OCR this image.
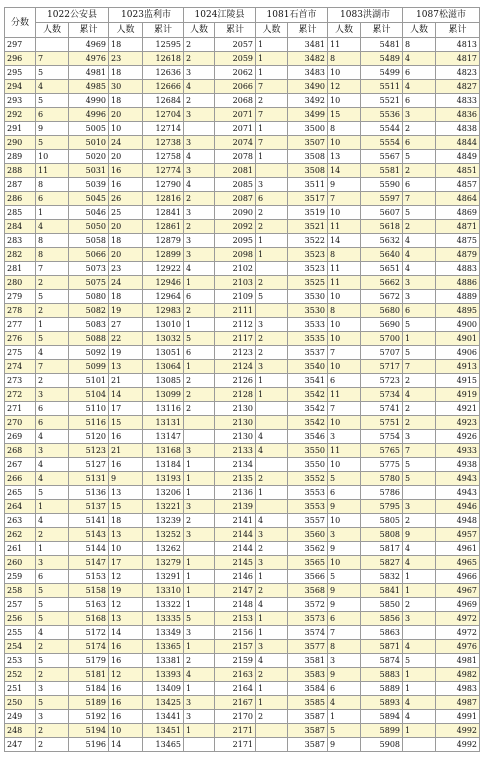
分数	1022公安县		1023监利市		1024江陵县		1081石首市		1083洪湖市		1087松滋市	
	人数	累计	人数	累计	人数	累计	人数	累计	人数	累计	人数	累计
297		4969	18	12595	2	2057	1	3481	11	5481	8	4813
296	7	4976	23	12618	2	2059	1	3482	8	5489	4	4817
295	5	4981	18	12636	3	2062	1	3483	10	5499	6	4823
294	4	4985	30	12666	4	2066	7	3490	12	5511	4	4827
293	5	4990	18	12684	2	2068	2	3492	10	5521	6	4833
292	6	4996	20	12704	3	2071	7	3499	15	5536	3	4836
291	9	5005	10	12714		2071	1	3500	8	5544	2	4838
290	5	5010	24	12738	3	2074	7	3507	10	5554	6	4844
289	10	5020	20	12758	4	2078	1	3508	13	5567	5	4849
288	11	5031	16	12774	3	2081		3508	14	5581	2	4851
287	8	5039	16	12790	4	2085	3	3511	9	5590	6	4857
286	6	5045	26	12816	2	2087	6	3517	7	5597	7	4864
285	1	5046	25	12841	3	2090	2	3519	10	5607	5	4869
284	4	5050	20	12861	2	2092	2	3521	11	5618	2	4871
283	8	5058	18	12879	3	2095	1	3522	14	5632	4	4875
282	8	5066	20	12899	3	2098	1	3523	8	5640	4	4879
281	7	5073	23	12922	4	2102		3523	11	5651	4	4883
280	2	5075	24	12946	1	2103	2	3525	11	5662	3	4886
279	5	5080	18	12964	6	2109	5	3530	10	5672	3	4889
278	2	5082	19	12983	2	2111		3530	8	5680	6	4895
277	1	5083	27	13010	1	2112	3	3533	10	5690	5	4900
276	5	5088	22	13032	5	2117	2	3535	10	5700	1	4901
275	4	5092	19	13051	6	2123	2	3537	7	5707	5	4906
274	7	5099	13	13064	1	2124	3	3540	10	5717	7	4913
273	2	5101	21	13085	2	2126	1	3541	6	5723	2	4915
272	3	5104	14	13099	2	2128	1	3542	11	5734	4	4919
271	6	5110	17	13116	2	2130		3542	7	5741	2	4921
270	6	5116	15	13131		2130		3542	10	5751	2	4923
269	4	5120	16	13147		2130	4	3546	3	5754	3	4926
268	3	5123	21	13168	3	2133	4	3550	11	5765	7	4933
267	4	5127	16	13184	1	2134		3550	10	5775	5	4938
266	4	5131	9	13193	1	2135	2	3552	5	5780	5	4943
265	5	5136	13	13206	1	2136	1	3553	6	5786		4943
264	1	5137	15	13221	3	2139		3553	9	5795	3	4946
263	4	5141	18	13239	2	2141	4	3557	10	5805	2	4948
262	2	5143	13	13252	3	2144	3	3560	3	5808	9	4957
261	1	5144	10	13262		2144	2	3562	9	5817	4	4961
260	3	5147	17	13279	1	2145	3	3565	10	5827	4	4965
259	6	5153	12	13291	1	2146	1	3566	5	5832	1	4966
258	5	5158	19	13310	1	2147	2	3568	9	5841	1	4967
257	5	5163	12	13322	1	2148	4	3572	9	5850	2	4969
256	5	5168	13	13335	5	2153	1	3573	6	5856	3	4972
255	4	5172	14	13349	3	2156	1	3574	7	5863		4972
254	2	5174	16	13365	1	2157	3	3577	8	5871	4	4976
253	5	5179	16	13381	2	2159	4	3581	3	5874	5	4981
252	2	5181	12	13393	4	2163	2	3583	9	5883	1	4982
251	3	5184	16	13409	1	2164	1	3584	6	5889	1	4983
250	5	5189	16	13425	3	2167	1	3585	4	5893	4	4987
249	3	5192	16	13441	3	2170	2	3587	1	5894	4	4991
248	2	5194	10	13451	1	2171		3587	5	5899	1	4992
247	2	5196	14	13465		2171		3587	9	5908		4992
